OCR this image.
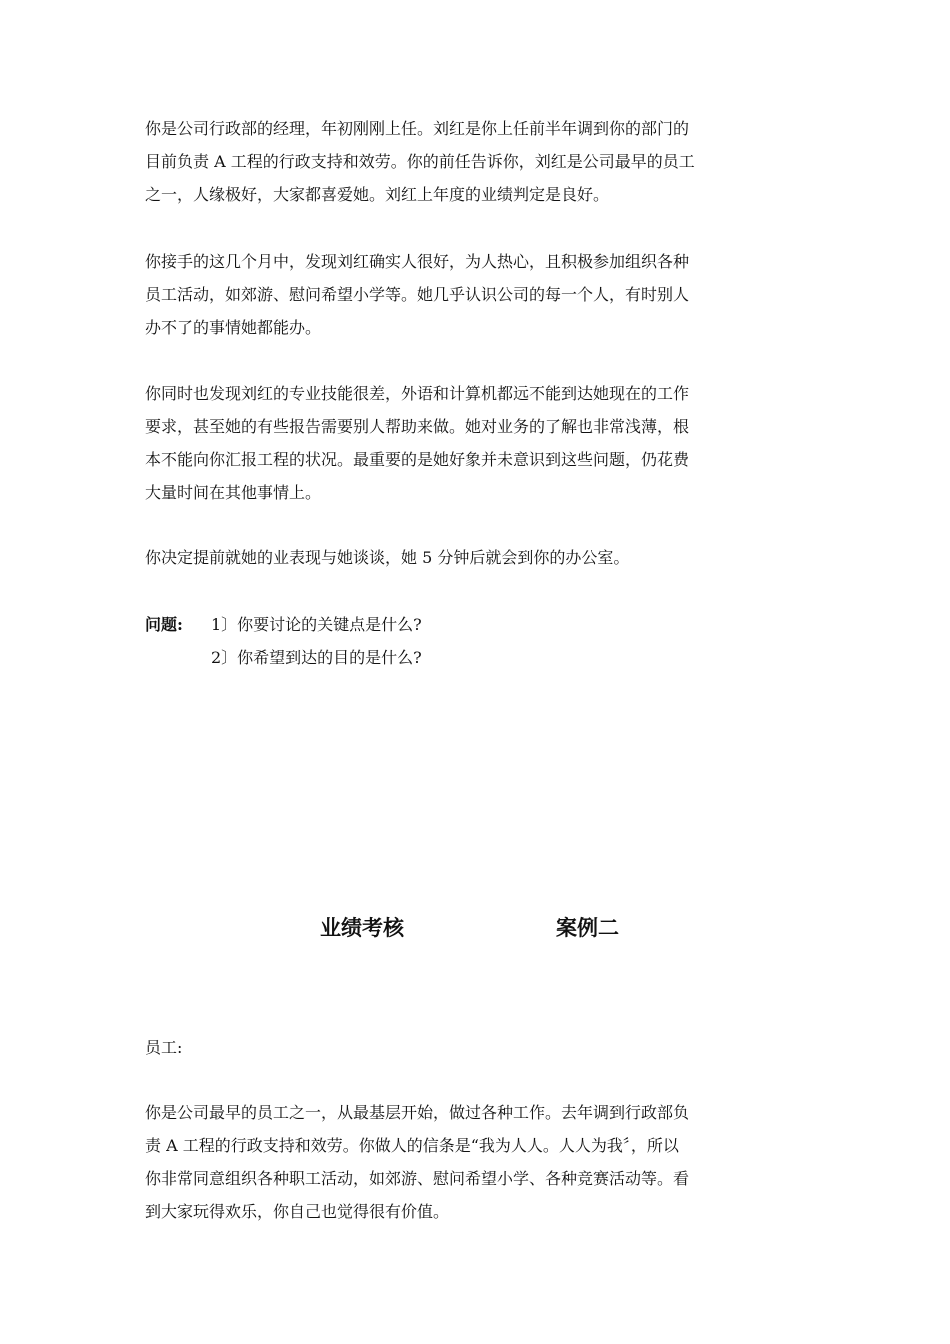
你是公司行政部的经理，年初刚刚上任。刘红是你上任前半年调到你的部门的
目前负责 A 工程的行政支持和效劳。你的前任告诉你，刘红是公司最早的员工
之一，人缘极好，大家都喜爱她。刘红上年度的业绩判定是良好。

你接手的这几个月中，发现刘红确实人很好，为人热心，且积极参加组织各种
员工活动，如郊游、慰问希望小学等。她几乎认识公司的每一个人，有时别人
办不了的事情她都能办。

你同时也发现刘红的专业技能很差，外语和计算机都远不能到达她现在的工作
要求，甚至她的有些报告需要别人帮助来做。她对业务的了解也非常浅薄，根
本不能向你汇报工程的状况。最重要的是她好象并未意识到这些问题，仍花费
大量时间在其他事情上。

你决定提前就她的业表现与她谈谈，她 5 分钟后就会到你的办公室。

问题: 1〕你要讨论的关键点是什么?
2〕你希望到达的目的是什么?
业绩考核	案例二

员工:

你是公司最早的员工之一，从最基层开始，做过各种工作。去年调到行政部负
责 A 工程的行政支持和效劳。你做人的信条是“我为人人。人人为我〞，所以
你非常同意组织各种职工活动，如郊游、慰问希望小学、各种竞赛活动等。看
到大家玩得欢乐，你自己也觉得很有价值。
